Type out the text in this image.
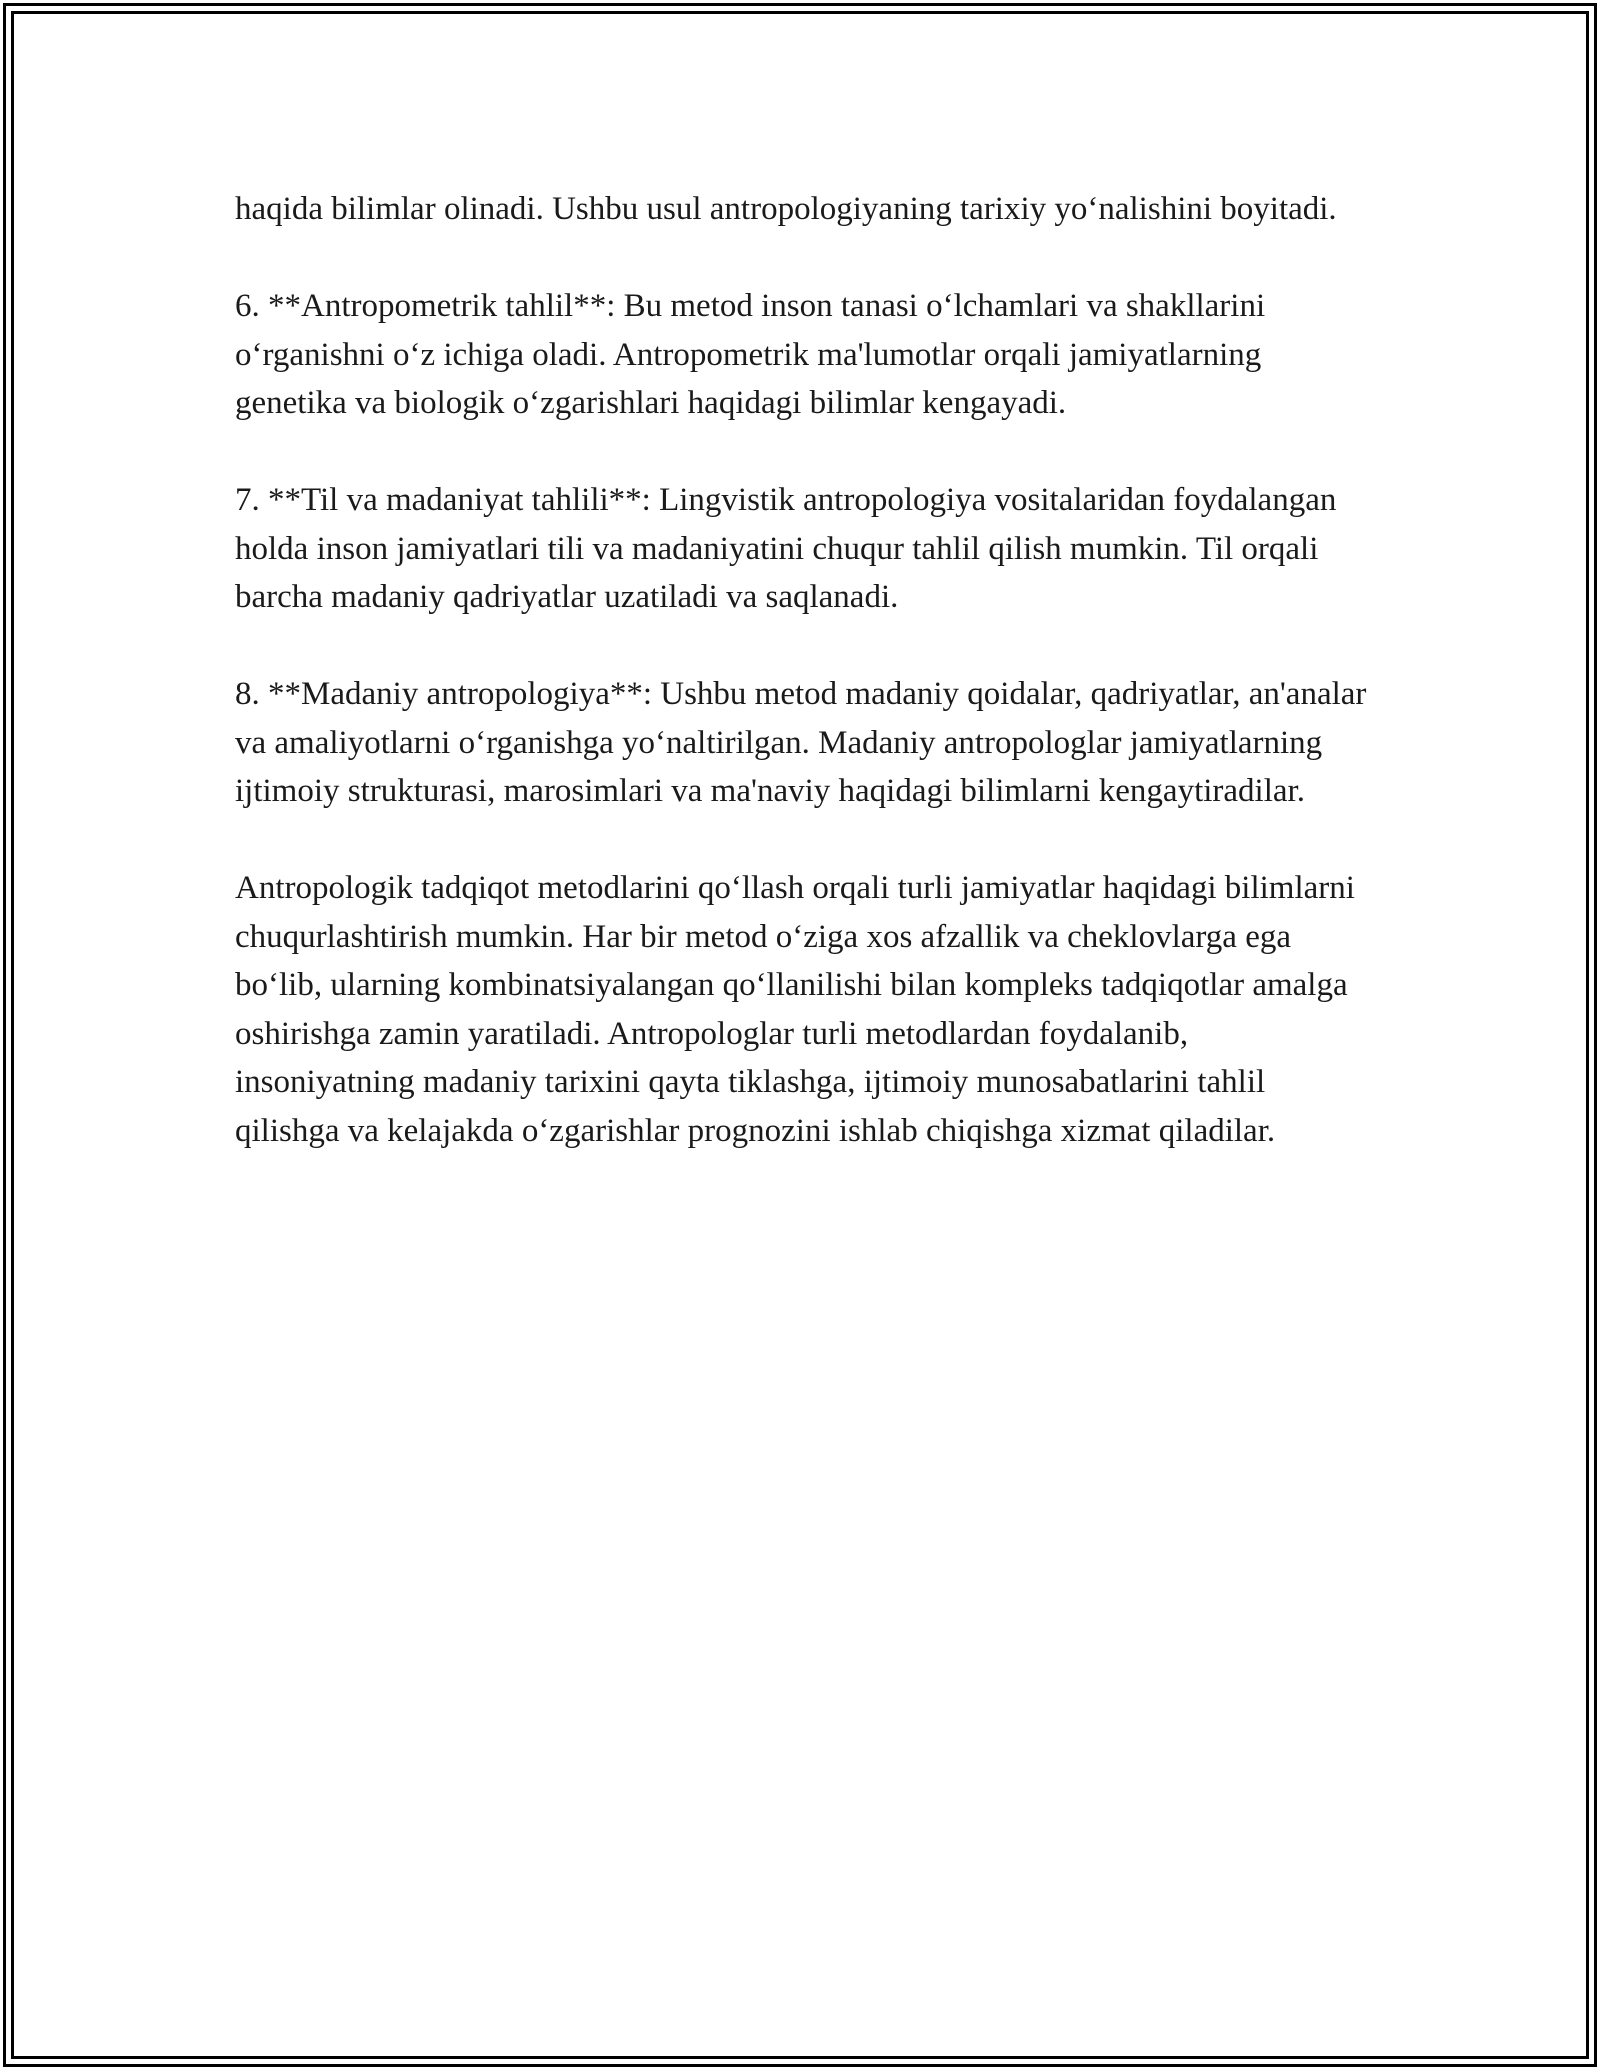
haqida bilimlar olinadi. Ushbu usul antropologiyaning tarixiy yoʻnalishini boyitadi.

6. **Antropometrik tahlil**: Bu metod inson tanasi oʻlchamlari va shakllarini oʻrganishni oʻz ichiga oladi. Antropometrik ma'lumotlar orqali jamiyatlarning genetika va biologik oʻzgarishlari haqidagi bilimlar kengayadi.

7. **Til va madaniyat tahlili**: Lingvistik antropologiya vositalaridan foydalangan holda inson jamiyatlari tili va madaniyatini chuqur tahlil qilish mumkin. Til orqali barcha madaniy qadriyatlar uzatiladi va saqlanadi.

8. **Madaniy antropologiya**: Ushbu metod madaniy qoidalar, qadriyatlar, an'analar va amaliyotlarni oʻrganishga yoʻnaltirilgan. Madaniy antropologlar jamiyatlarning ijtimoiy strukturasi, marosimlari va ma'naviy haqidagi bilimlarni kengaytiradilar.

Antropologik tadqiqot metodlarini qoʻllash orqali turli jamiyatlar haqidagi bilimlarni chuqurlashtirish mumkin. Har bir metod oʻziga xos afzallik va cheklovlarga ega boʻlib, ularning kombinatsiyalangan qoʻllanilishi bilan kompleks tadqiqotlar amalga oshirishga zamin yaratiladi. Antropologlar turli metodlardan foydalanib, insoniyatning madaniy tarixini qayta tiklashga, ijtimoiy munosabatlarini tahlil qilishga va kelajakda oʻzgarishlar prognozini ishlab chiqishga xizmat qiladilar.
